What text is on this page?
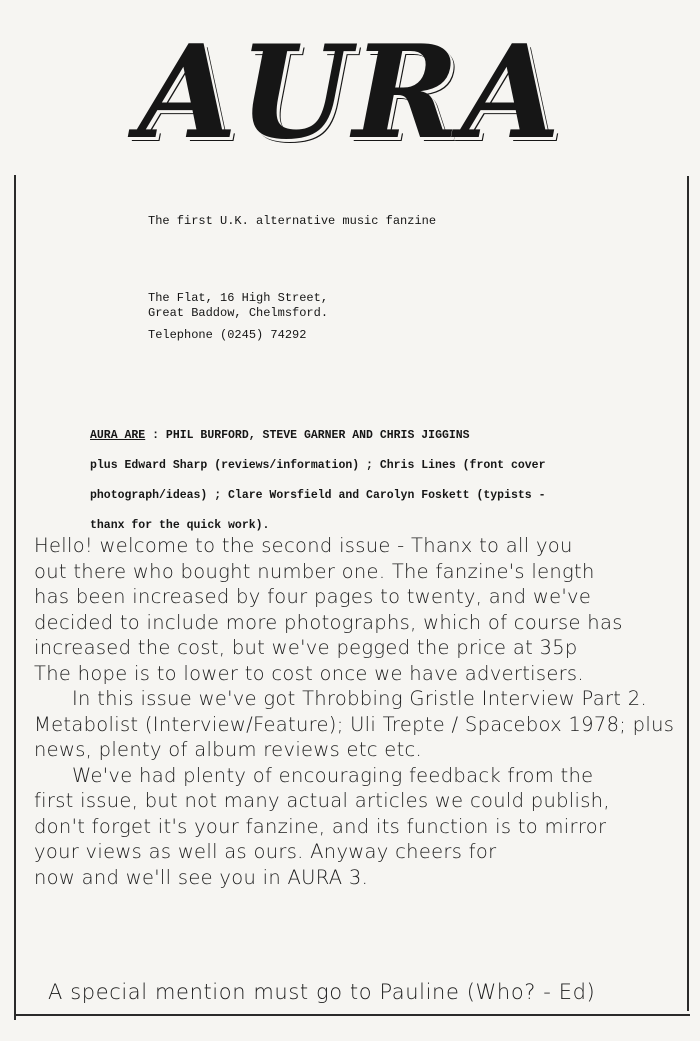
AURA
The first U.K. alternative music fanzine
The Flat, 16 High Street,
Great Baddow, Chelmsford.
Telephone (0245) 74292
AURA ARE : PHIL BURFORD, STEVE GARNER AND CHRIS JIGGINS
plus Edward Sharp (reviews/information) ; Chris Lines (front cover
photograph/ideas) ; Clare Worsfield and Carolyn Foskett (typists -
thanx for the quick work).
Hello! welcome to the second issue - Thanx to all you
out there who bought number one. The fanzine's length
has been increased by four pages to twenty, and we've
decided to include more photographs, which of course has
increased the cost, but we've pegged the price at 35p
The hope is to lower to cost once we have advertisers.
In this issue we've got Throbbing Gristle Interview Part 2.
Metabolist (Interview/Feature); Uli Trepte / Spacebox 1978; plus
news, plenty of album reviews etc etc.
We've had plenty of encouraging feedback from the
first issue, but not many actual articles we could publish,
don't forget it's your fanzine, and its function is to mirror
your views as well as ours. Anyway cheers for
now and we'll see you in AURA 3.
A special mention must go to Pauline (Who? - Ed)
